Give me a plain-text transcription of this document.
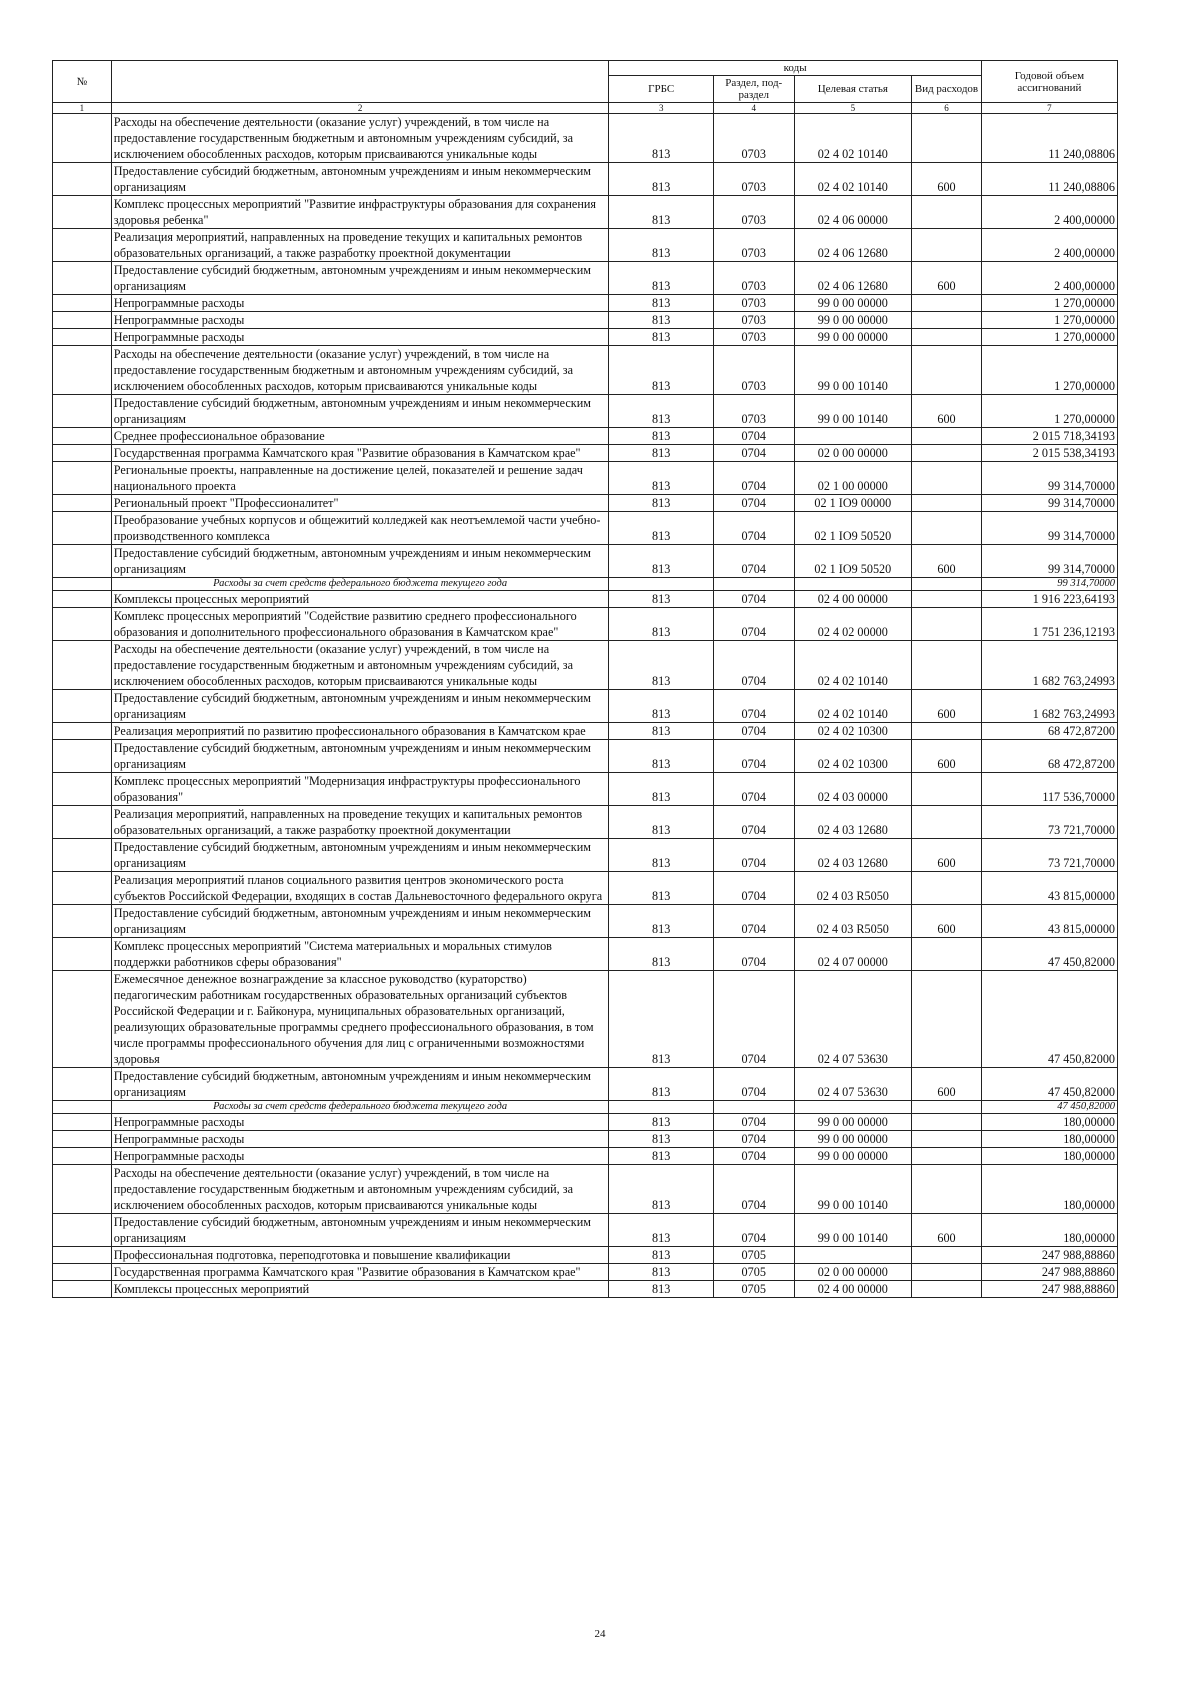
№		коды				Годовой объем ассигнований
		ГРБС	Раздел, под-раздел	Целевая статья	Вид расходов	
1	2	3	4	5	6	7
	Расходы на обеспечение деятельности (оказание услуг) учреждений, в том числе на предоставление государственным бюджетным и автономным учреждениям субсидий, за исключением обособленных расходов, которым присваиваются уникальные коды	813	0703	02 4 02 10140		11 240,08806
	Предоставление субсидий бюджетным, автономным учреждениям и иным некоммерческим организациям	813	0703	02 4 02 10140	600	11 240,08806
	Комплекс процессных мероприятий "Развитие инфраструктуры образования для сохранения здоровья ребенка"	813	0703	02 4 06 00000		2 400,00000
	Реализация мероприятий, направленных на проведение текущих и капитальных ремонтов образовательных организаций, а также разработку проектной документации	813	0703	02 4 06 12680		2 400,00000
	Предоставление субсидий бюджетным, автономным учреждениям и иным некоммерческим организациям	813	0703	02 4 06 12680	600	2 400,00000
	Непрограммные расходы	813	0703	99 0 00 00000		1 270,00000
	Непрограммные расходы	813	0703	99 0 00 00000		1 270,00000
	Непрограммные расходы	813	0703	99 0 00 00000		1 270,00000
	Расходы на обеспечение деятельности (оказание услуг) учреждений, в том числе на предоставление государственным бюджетным и автономным учреждениям субсидий, за исключением обособленных расходов, которым присваиваются уникальные коды	813	0703	99 0 00 10140		1 270,00000
	Предоставление субсидий бюджетным, автономным учреждениям и иным некоммерческим организациям	813	0703	99 0 00 10140	600	1 270,00000
	Среднее профессиональное образование	813	0704			2 015 718,34193
	Государственная программа Камчатского края "Развитие образования в Камчатском крае"	813	0704	02 0 00 00000		2 015 538,34193
	Региональные проекты, направленные на достижение целей, показателей и решение задач национального проекта	813	0704	02 1 00 00000		99 314,70000
	Региональный проект "Профессионалитет"	813	0704	02 1 IO9 00000		99 314,70000
	Преобразование учебных корпусов и общежитий колледжей как неотъемлемой части учебно-производственного комплекса	813	0704	02 1 IO9 50520		99 314,70000
	Предоставление субсидий бюджетным, автономным учреждениям и иным некоммерческим организациям	813	0704	02 1 IO9 50520	600	99 314,70000
	Расходы за счет средств федерального бюджета текущего года					99 314,70000
	Комплексы процессных мероприятий	813	0704	02 4 00 00000		1 916 223,64193
	Комплекс процессных мероприятий "Содействие развитию среднего профессионального образования и дополнительного профессионального образования в Камчатском крае"	813	0704	02 4 02 00000		1 751 236,12193
	Расходы на обеспечение деятельности (оказание услуг) учреждений, в том числе на предоставление государственным бюджетным и автономным учреждениям субсидий, за исключением обособленных расходов, которым присваиваются уникальные коды	813	0704	02 4 02 10140		1 682 763,24993
	Предоставление субсидий бюджетным, автономным учреждениям и иным некоммерческим организациям	813	0704	02 4 02 10140	600	1 682 763,24993
	Реализация мероприятий по развитию профессионального образования в Камчатском крае	813	0704	02 4 02 10300		68 472,87200
	Предоставление субсидий бюджетным, автономным учреждениям и иным некоммерческим организациям	813	0704	02 4 02 10300	600	68 472,87200
	Комплекс процессных мероприятий "Модернизация инфраструктуры профессионального образования"	813	0704	02 4 03 00000		117 536,70000
	Реализация мероприятий, направленных на проведение текущих и капитальных ремонтов образовательных организаций, а также разработку проектной документации	813	0704	02 4 03 12680		73 721,70000
	Предоставление субсидий бюджетным, автономным учреждениям и иным некоммерческим организациям	813	0704	02 4 03 12680	600	73 721,70000
	Реализация мероприятий планов социального развития центров экономического роста субъектов Российской Федерации, входящих в состав Дальневосточного федерального округа	813	0704	02 4 03 R5050		43 815,00000
	Предоставление субсидий бюджетным, автономным учреждениям и иным некоммерческим организациям	813	0704	02 4 03 R5050	600	43 815,00000
	Комплекс процессных мероприятий "Система материальных и моральных стимулов поддержки работников сферы образования"	813	0704	02 4 07 00000		47 450,82000
	Ежемесячное денежное вознаграждение за классное руководство (кураторство) педагогическим работникам государственных образовательных организаций субъектов Российской Федерации и г. Байконура, муниципальных образовательных организаций, реализующих образовательные программы среднего профессионального образования, в том числе программы профессионального обучения для лиц с ограниченными возможностями здоровья	813	0704	02 4 07 53630		47 450,82000
	Предоставление субсидий бюджетным, автономным учреждениям и иным некоммерческим организациям	813	0704	02 4 07 53630	600	47 450,82000
	Расходы за счет средств федерального бюджета текущего года					47 450,82000
	Непрограммные расходы	813	0704	99 0 00 00000		180,00000
	Непрограммные расходы	813	0704	99 0 00 00000		180,00000
	Непрограммные расходы	813	0704	99 0 00 00000		180,00000
	Расходы на обеспечение деятельности (оказание услуг) учреждений, в том числе на предоставление государственным бюджетным и автономным учреждениям субсидий, за исключением обособленных расходов, которым присваиваются уникальные коды	813	0704	99 0 00 10140		180,00000
	Предоставление субсидий бюджетным, автономным учреждениям и иным некоммерческим организациям	813	0704	99 0 00 10140	600	180,00000
	Профессиональная подготовка, переподготовка и повышение квалификации	813	0705			247 988,88860
	Государственная программа Камчатского края "Развитие образования в Камчатском крае"	813	0705	02 0 00 00000		247 988,88860
	Комплексы процессных мероприятий	813	0705	02 4 00 00000		247 988,88860
24
